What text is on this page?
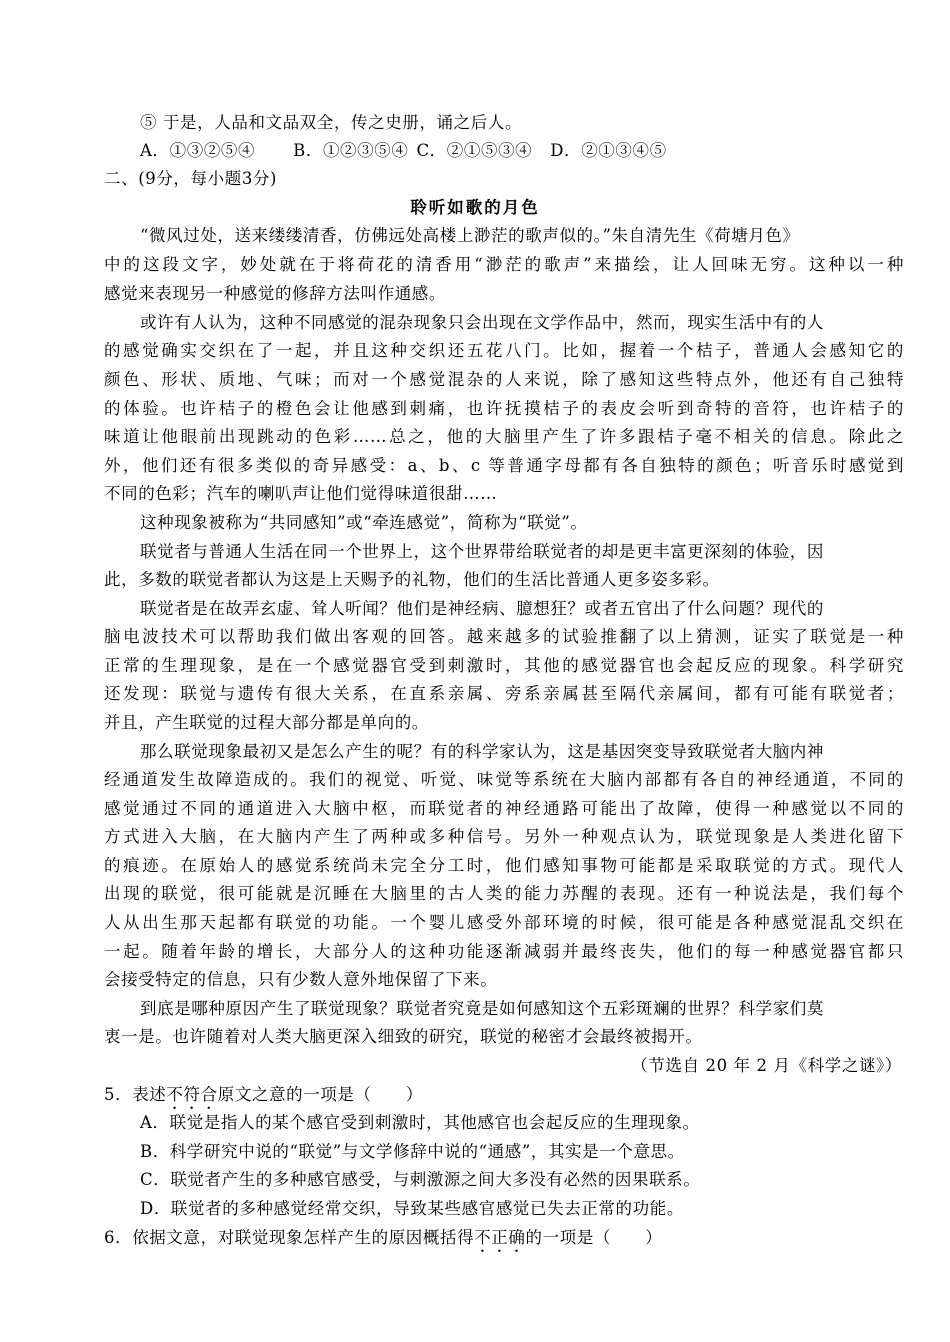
⑤ 于是，人品和文品双全，传之史册，诵之后人。
A．①③②⑤④ B．①②③⑤④ C．②①⑤③④ D．②①③④⑤
二、(9分，每小题3分)
聆听如歌的月色
“微风过处，送来缕缕清香，仿佛远处高楼上渺茫的歌声似的。”朱自清先生《荷塘月色》
中的这段文字，妙处就在于将荷花的清香用“渺茫的歌声”来描绘，让人回味无穷。这种以一种
感觉来表现另一种感觉的修辞方法叫作通感。
或许有人认为，这种不同感觉的混杂现象只会出现在文学作品中，然而，现实生活中有的人
的感觉确实交织在了一起，并且这种交织还五花八门。比如，握着一个桔子，普通人会感知它的
颜色、形状、质地、气味；而对一个感觉混杂的人来说，除了感知这些特点外，他还有自己独特
的体验。也许桔子的橙色会让他感到刺痛，也许抚摸桔子的表皮会听到奇特的音符，也许桔子的
味道让他眼前出现跳动的色彩……总之，他的大脑里产生了许多跟桔子毫不相关的信息。除此之
外，他们还有很多类似的奇异感受：a、b、c 等普通字母都有各自独特的颜色；听音乐时感觉到
不同的色彩；汽车的喇叭声让他们觉得味道很甜……
这种现象被称为“共同感知”或“牵连感觉”，简称为“联觉”。
联觉者与普通人生活在同一个世界上，这个世界带给联觉者的却是更丰富更深刻的体验，因
此，多数的联觉者都认为这是上天赐予的礼物，他们的生活比普通人更多姿多彩。
联觉者是在故弄玄虚、耸人听闻？他们是神经病、臆想狂？或者五官出了什么问题？现代的
脑电波技术可以帮助我们做出客观的回答。越来越多的试验推翻了以上猜测，证实了联觉是一种
正常的生理现象，是在一个感觉器官受到刺激时，其他的感觉器官也会起反应的现象。科学研究
还发现：联觉与遗传有很大关系，在直系亲属、旁系亲属甚至隔代亲属间，都有可能有联觉者；
并且，产生联觉的过程大部分都是单向的。
那么联觉现象最初又是怎么产生的呢？有的科学家认为，这是基因突变导致联觉者大脑内神
经通道发生故障造成的。我们的视觉、听觉、味觉等系统在大脑内部都有各自的神经通道，不同的
感觉通过不同的通道进入大脑中枢，而联觉者的神经通路可能出了故障，使得一种感觉以不同的
方式进入大脑，在大脑内产生了两种或多种信号。另外一种观点认为，联觉现象是人类进化留下
的痕迹。在原始人的感觉系统尚未完全分工时，他们感知事物可能都是采取联觉的方式。现代人
出现的联觉，很可能就是沉睡在大脑里的古人类的能力苏醒的表现。还有一种说法是，我们每个
人从出生那天起都有联觉的功能。一个婴儿感受外部环境的时候，很可能是各种感觉混乱交织在
一起。随着年龄的增长，大部分人的这种功能逐渐减弱并最终丧失，他们的每一种感觉器官都只
会接受特定的信息，只有少数人意外地保留了下来。
到底是哪种原因产生了联觉现象？联觉者究竟是如何感知这个五彩斑斓的世界？科学家们莫
衷一是。也许随着对人类大脑更深入细致的研究，联觉的秘密才会最终被揭开。
（节选自 20 年 2 月《科学之谜》）
5．表述不符合原文之意的一项是（　　）
A．联觉是指人的某个感官受到刺激时，其他感官也会起反应的生理现象。
B．科学研究中说的“联觉”与文学修辞中说的“通感”，其实是一个意思。
C．联觉者产生的多种感官感受，与刺激源之间大多没有必然的因果联系。
D．联觉者的多种感觉经常交织，导致某些感官感觉已失去正常的功能。
6．依据文意，对联觉现象怎样产生的原因概括得不正确的一项是（　　）
